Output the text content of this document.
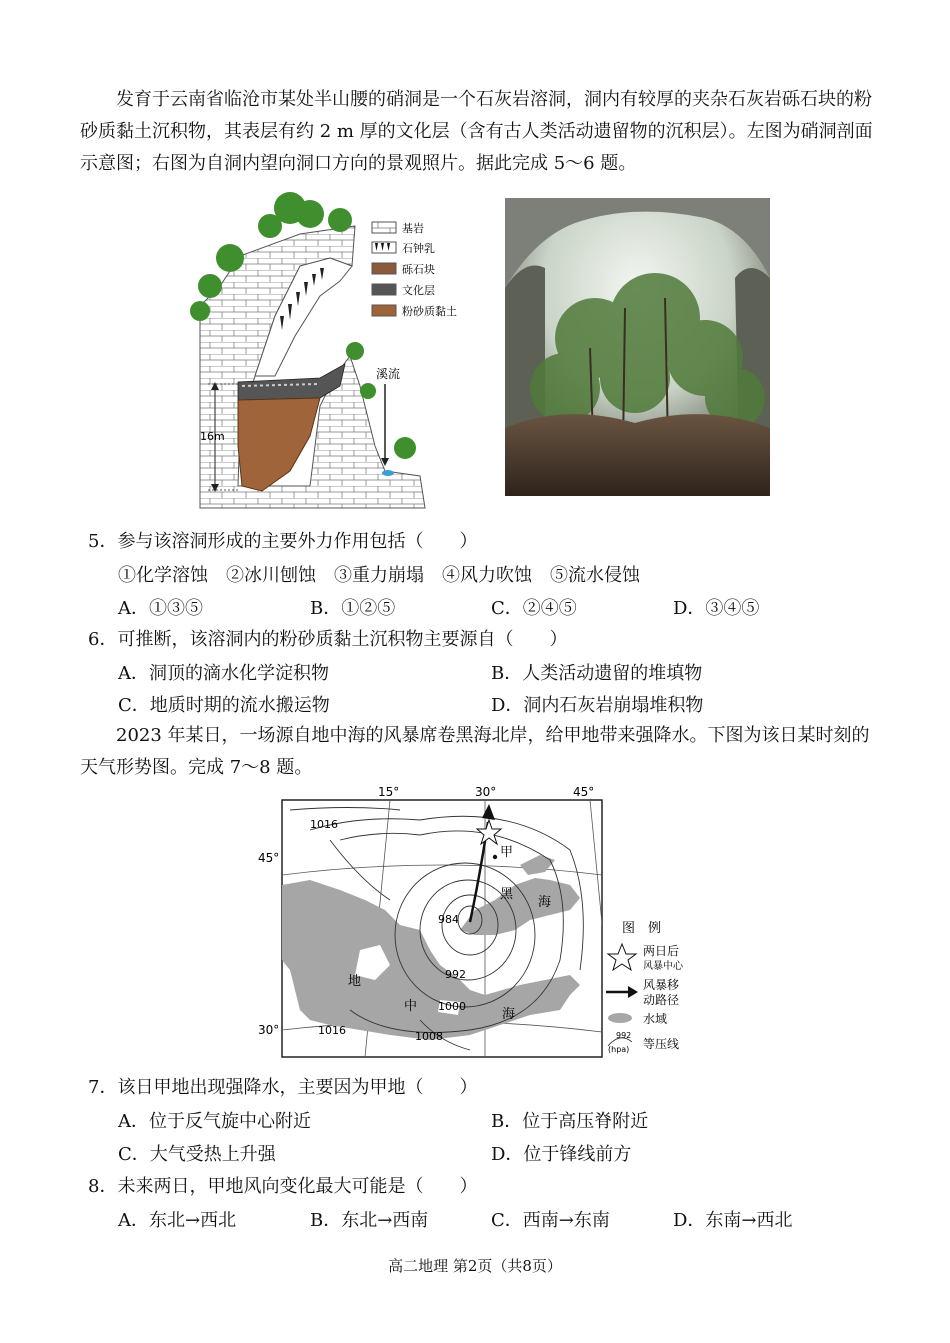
发育于云南省临沧市某处半山腰的硝洞是一个石灰岩溶洞，洞内有较厚的夹杂石灰岩砾石块的粉砂质黏土沉积物，其表层有约 2 m 厚的文化层（含有古人类活动遗留物的沉积层）。左图为硝洞剖面示意图；右图为自洞内望向洞口方向的景观照片。据此完成 5～6 题。
溪流
16m
基岩
石钟乳
砾石块
文化层
粉砂质黏土
5．参与该溶洞形成的主要外力作用包括（　　）
①化学溶蚀　②冰川刨蚀　③重力崩塌　④风力吹蚀　⑤流水侵蚀
A．①③⑤	B．①②⑤	C．②④⑤	D．③④⑤
6．可推断，该溶洞内的粉砂质黏土沉积物主要源自（　　）
A．洞顶的滴水化学淀积物	B．人类活动遗留的堆填物
C．地质时期的流水搬运物	D．洞内石灰岩崩塌堆积物
2023 年某日，一场源自地中海的风暴席卷黑海北岸，给甲地带来强降水。下图为该日某时刻的天气形势图。完成 7～8 题。
15°	30°	45°
45°
30°
1016
984
992
1000
1008
1016
甲
黑
海
地
中
海
图　例
两日后
风暴中心
风暴移
动路径
水域
992
(hpa) 等压线
7．该日甲地出现强降水，主要因为甲地（　　）
A．位于反气旋中心附近	B．位于高压脊附近
C．大气受热上升强	D．位于锋线前方
8．未来两日，甲地风向变化最大可能是（　　）
A．东北→西北	B．东北→西南	C．西南→东南	D．东南→西北
高二地理 第2页（共8页）
